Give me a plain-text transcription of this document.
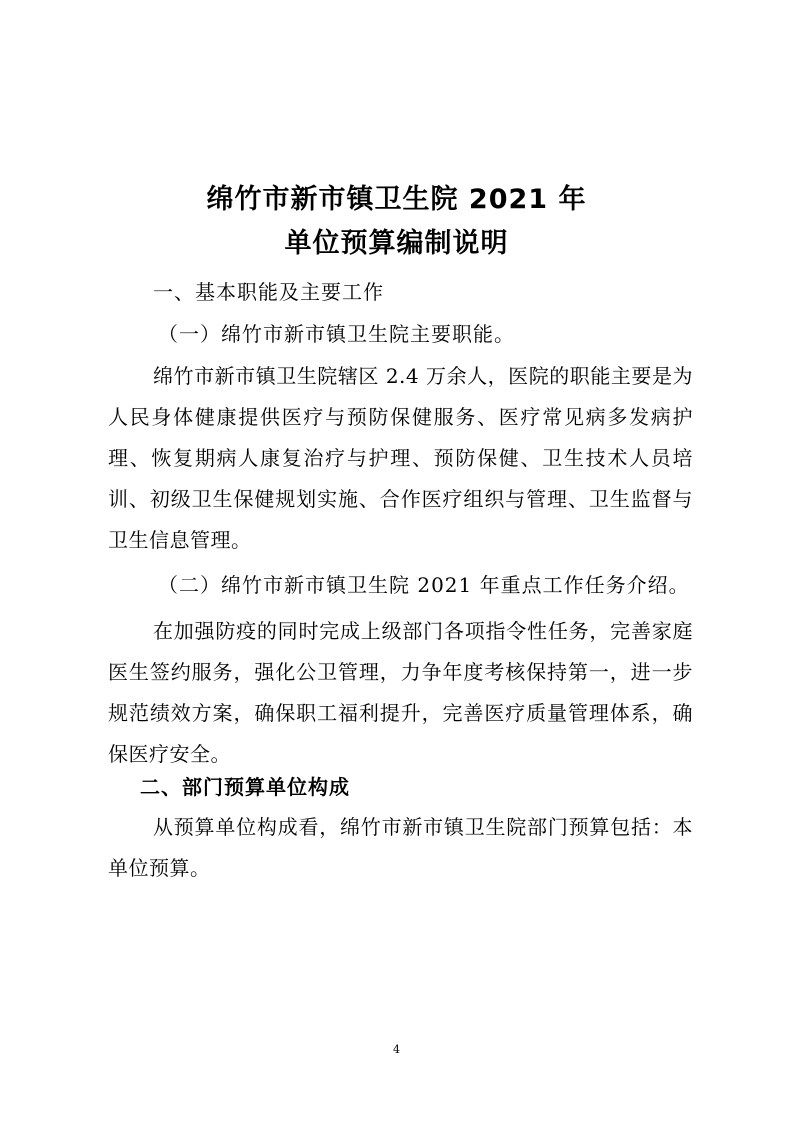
绵竹市新市镇卫生院 2021 年
单位预算编制说明
一、基本职能及主要工作
（一）绵竹市新市镇卫生院主要职能。

绵竹市新市镇卫生院辖区 2.4 万余人，医院的职能主要是为人民身体健康提供医疗与预防保健服务、医疗常见病多发病护理、恢复期病人康复治疗与护理、预防保健、卫生技术人员培训、初级卫生保健规划实施、合作医疗组织与管理、卫生监督与卫生信息管理。

（二）绵竹市新市镇卫生院 2021 年重点工作任务介绍。

在加强防疫的同时完成上级部门各项指令性任务，完善家庭医生签约服务，强化公卫管理，力争年度考核保持第一，进一步规范绩效方案，确保职工福利提升，完善医疗质量管理体系，确保医疗安全。

二、部门预算单位构成

从预算单位构成看，绵竹市新市镇卫生院部门预算包括：本单位预算。

4
